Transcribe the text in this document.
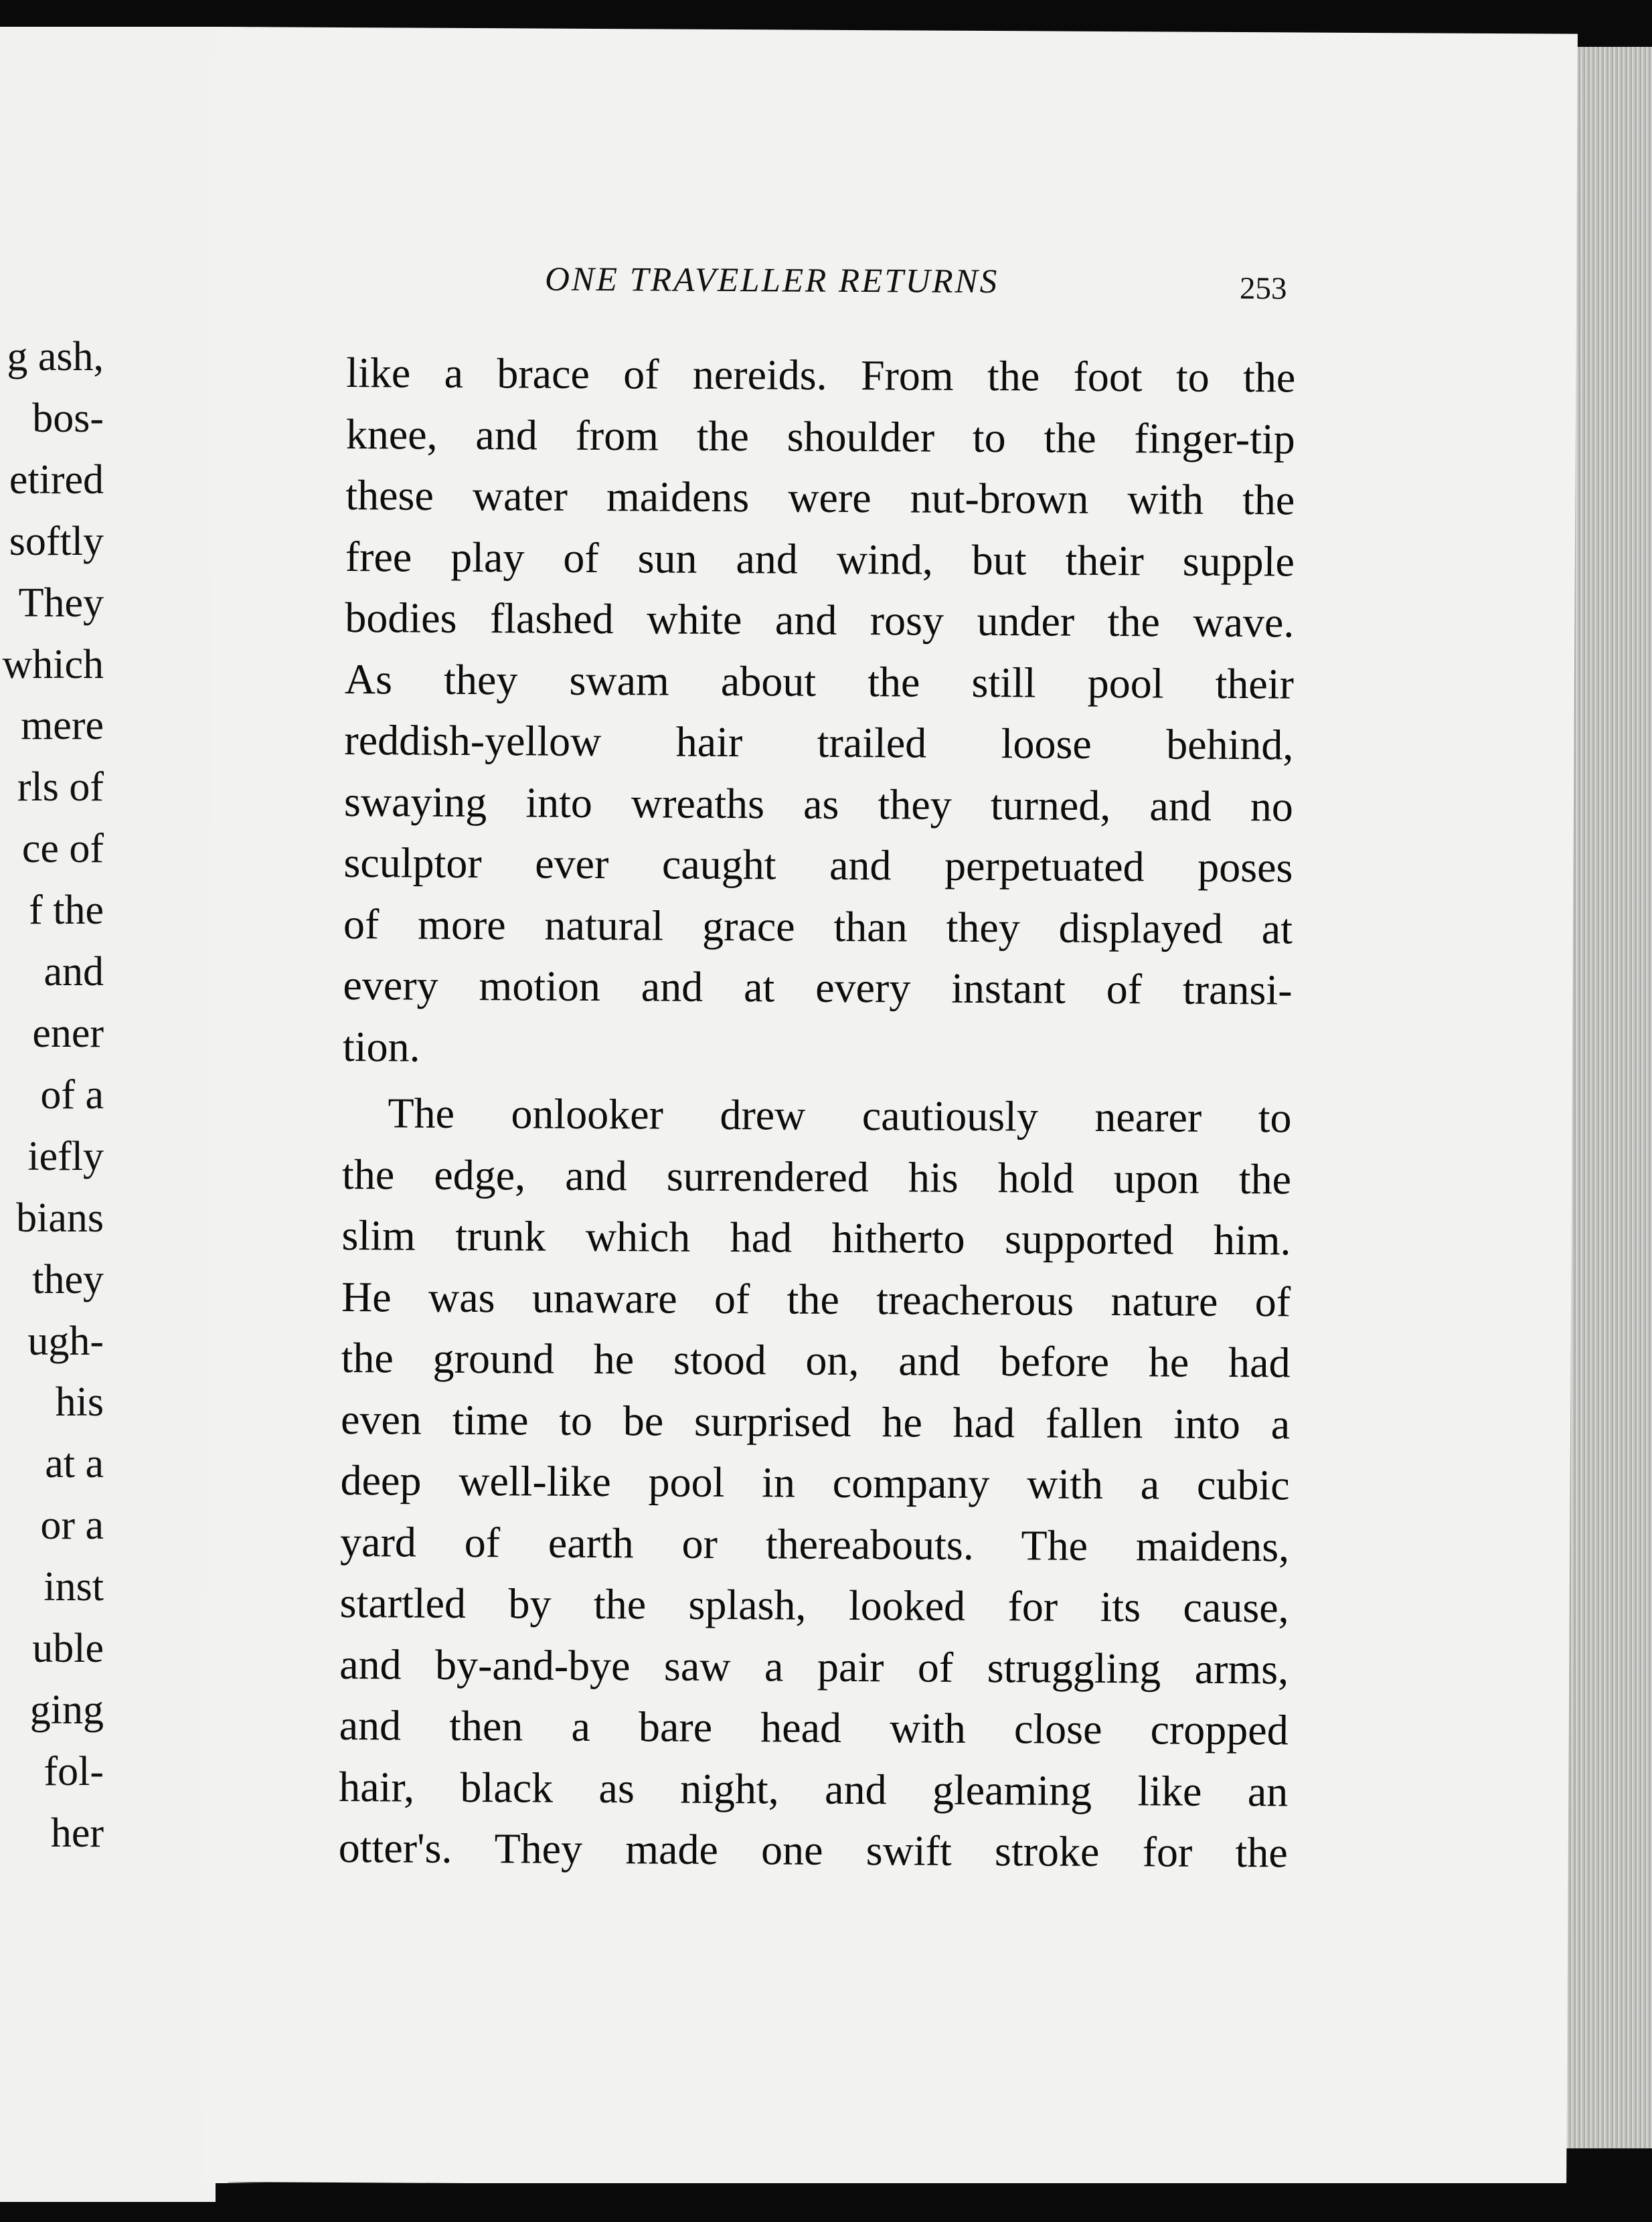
g ash,
bos-
etired
softly
They
which
mere
rls of
ce of
f the
and
ener
of a
iefly
bians
they
ugh-
his
at a
or a
inst
uble
ging
fol-
her
ONE TRAVELLER RETURNS	253
like a brace of nereids. From the foot to the
knee, and from the shoulder to the finger-tip
these water maidens were nut-brown with the
free play of sun and wind, but their supple
bodies flashed white and rosy under the wave.
As they swam about the still pool their
reddish-yellow hair trailed loose behind,
swaying into wreaths as they turned, and no
sculptor ever caught and perpetuated poses
of more natural grace than they displayed at
every motion and at every instant of transi-
tion.
The onlooker drew cautiously nearer to
the edge, and surrendered his hold upon the
slim trunk which had hitherto supported him.
He was unaware of the treacherous nature of
the ground he stood on, and before he had
even time to be surprised he had fallen into a
deep well-like pool in company with a cubic
yard of earth or thereabouts. The maidens,
startled by the splash, looked for its cause,
and by-and-bye saw a pair of struggling arms,
and then a bare head with close cropped
hair, black as night, and gleaming like an
otter's. They made one swift stroke for the
